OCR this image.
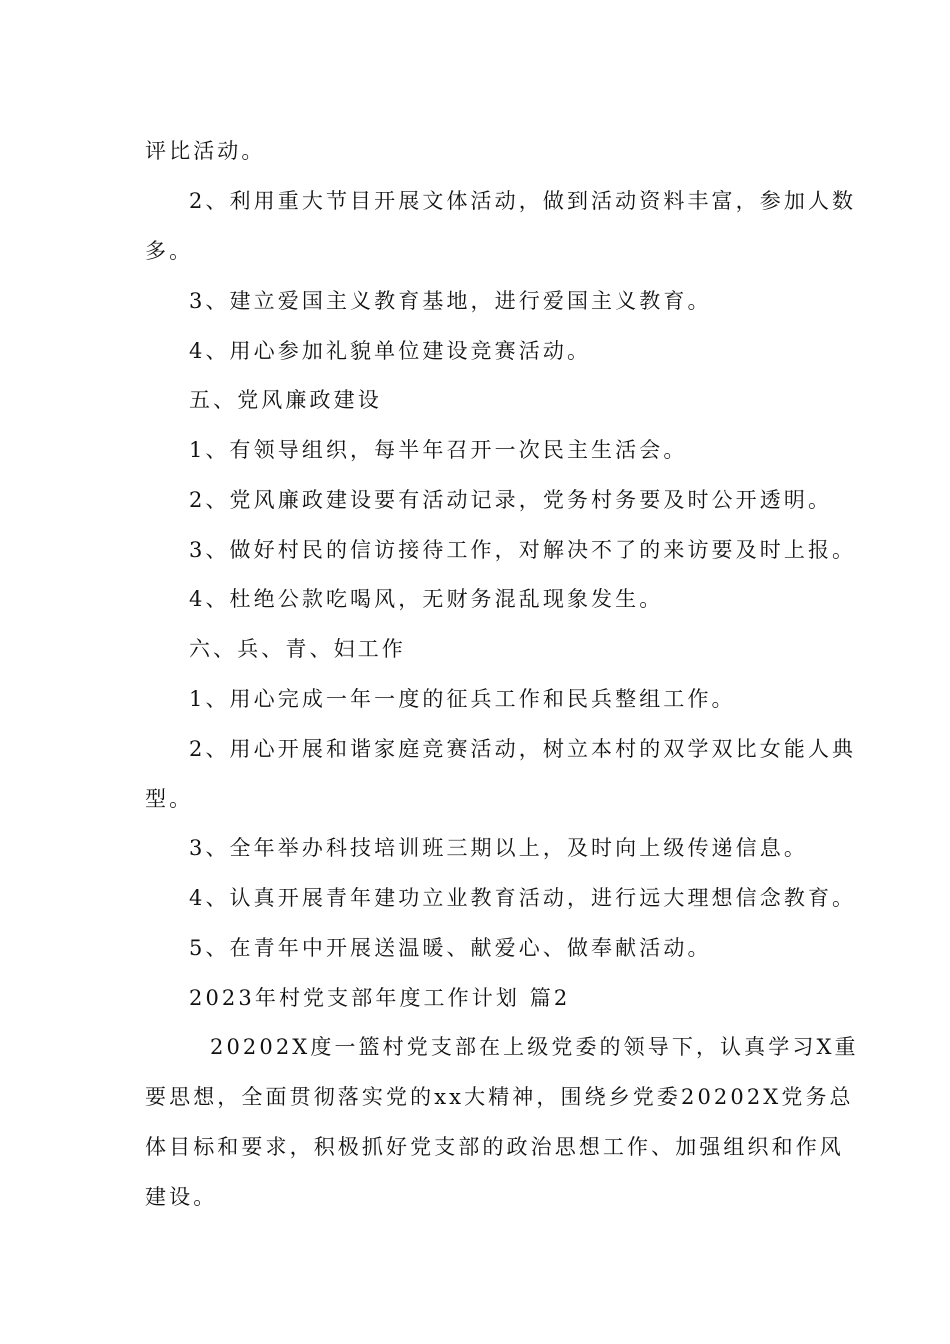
评比活动。
2、利用重大节目开展文体活动，做到活动资料丰富，参加人数
多。
3、建立爱国主义教育基地，进行爱国主义教育。
4、用心参加礼貌单位建设竞赛活动。
五、党风廉政建设
1、有领导组织，每半年召开一次民主生活会。
2、党风廉政建设要有活动记录，党务村务要及时公开透明。
3、做好村民的信访接待工作，对解决不了的来访要及时上报。
4、杜绝公款吃喝风，无财务混乱现象发生。
六、兵、青、妇工作
1、用心完成一年一度的征兵工作和民兵整组工作。
2、用心开展和谐家庭竞赛活动，树立本村的双学双比女能人典
型。
3、全年举办科技培训班三期以上，及时向上级传递信息。
4、认真开展青年建功立业教育活动，进行远大理想信念教育。
5、在青年中开展送温暖、献爱心、做奉献活动。
2023年村党支部年度工作计划 篇2
20202X度一篮村党支部在上级党委的领导下，认真学习X重
要思想，全面贯彻落实党的xx大精神，围绕乡党委20202X党务总
体目标和要求，积极抓好党支部的政治思想工作、加强组织和作风
建设。
